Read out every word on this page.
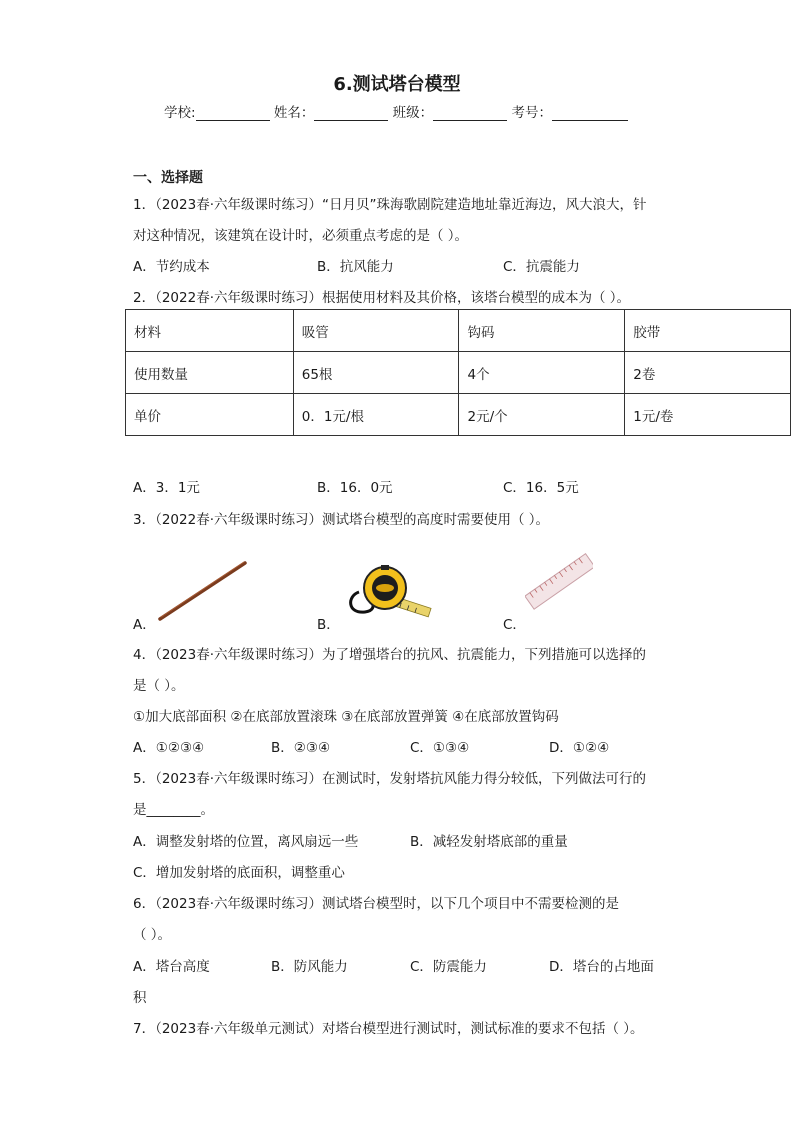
6.测试塔台模型
学校:	姓名：	班级：	考号：
一、选择题
1．（2023春·六年级课时练习）“日月贝”珠海歌剧院建造地址靠近海边，风大浪大，针
对这种情况，该建筑在设计时，必须重点考虑的是（ ）。
A．节约成本	B．抗风能力	C．抗震能力
2．（2022春·六年级课时练习）根据使用材料及其价格，该塔台模型的成本为（ ）。
材料	吸管	钩码	胶带
使用数量	65根	4个	2卷
单价	0．1元/根	2元/个	1元/卷
A．3．1元	B．16．0元	C．16．5元
3．（2022春·六年级课时练习）测试塔台模型的高度时需要使用（ ）。
A．	B．	C．
4．（2023春·六年级课时练习）为了增强塔台的抗风、抗震能力，下列措施可以选择的
是（ ）。
①加大底部面积 ②在底部放置滚珠 ③在底部放置弹簧 ④在底部放置钩码
A．①②③④	B．②③④	C．①③④	D．①②④
5．（2023春·六年级课时练习）在测试时，发射塔抗风能力得分较低，下列做法可行的
是________。
A．调整发射塔的位置，离风扇远一些	B．减轻发射塔底部的重量
C．增加发射塔的底面积，调整重心
6．（2023春·六年级课时练习）测试塔台模型时，以下几个项目中不需要检测的是
（ ）。
A．塔台高度	B．防风能力	C．防震能力	D．塔台的占地面
积
7．（2023春·六年级单元测试）对塔台模型进行测试时，测试标准的要求不包括（ ）。
